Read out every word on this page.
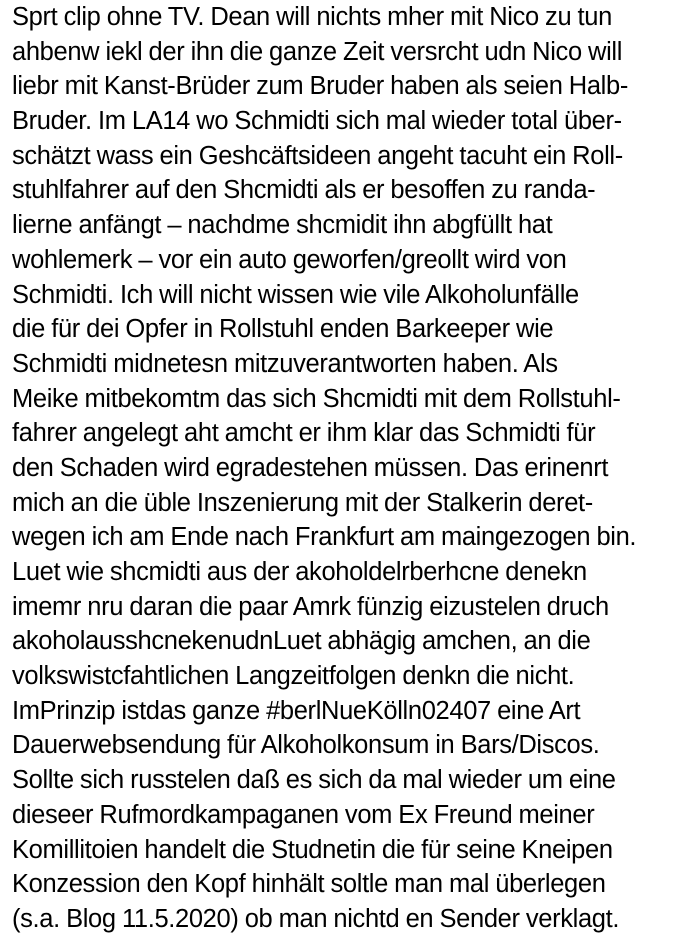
Sprt clip ohne TV. Dean will nichts mher mit Nico zu tun
ahbenw iekl der ihn die ganze Zeit versrcht udn Nico will
liebr mit Kanst-Brüder zum Bruder haben als seien Halb-
Bruder. Im LA14 wo Schmidti sich mal wieder total über-
schätzt wass ein Geshcäftsideen angeht tacuht ein Roll-
stuhlfahrer auf den Shcmidti als er besoffen zu randa-
lierne anfängt – nachdme shcmidit ihn abgfüllt hat
wohlemerk – vor ein auto geworfen/greollt wird von
Schmidti. Ich will nicht wissen wie vile Alkoholunfälle
die für dei Opfer in Rollstuhl enden Barkeeper wie
Schmidti midnetesn mitzuverantworten haben. Als
Meike mitbekomtm das sich Shcmidti mit dem Rollstuhl-
fahrer angelegt aht amcht er ihm klar das Schmidti für
den Schaden wird egradestehen müssen. Das erinenrt
mich an die üble Inszenierung mit der Stalkerin deret-
wegen ich am Ende nach Frankfurt am maingezogen bin.
Luet wie shcmidti aus der akoholdelrberhcne denekn
imemr nru daran die paar Amrk fünzig eizustelen druch
akoholausshcnekenudnLuet abhägig amchen, an die
volkswistcfahtlichen Langzeitfolgen denkn die nicht.
ImPrinzip istdas ganze #berlNueKölln02407 eine Art
Dauerwebsendung für Alkoholkonsum in Bars/Discos.
Sollte sich russtelen daß es sich da mal wieder um eine
dieseer Rufmordkampaganen vom Ex Freund meiner
Komillitoien handelt die Studnetin die für seine Kneipen
Konzession den Kopf hinhält soltle man mal überlegen
(s.a. Blog 11.5.2020) ob man nichtd en Sender verklagt.
